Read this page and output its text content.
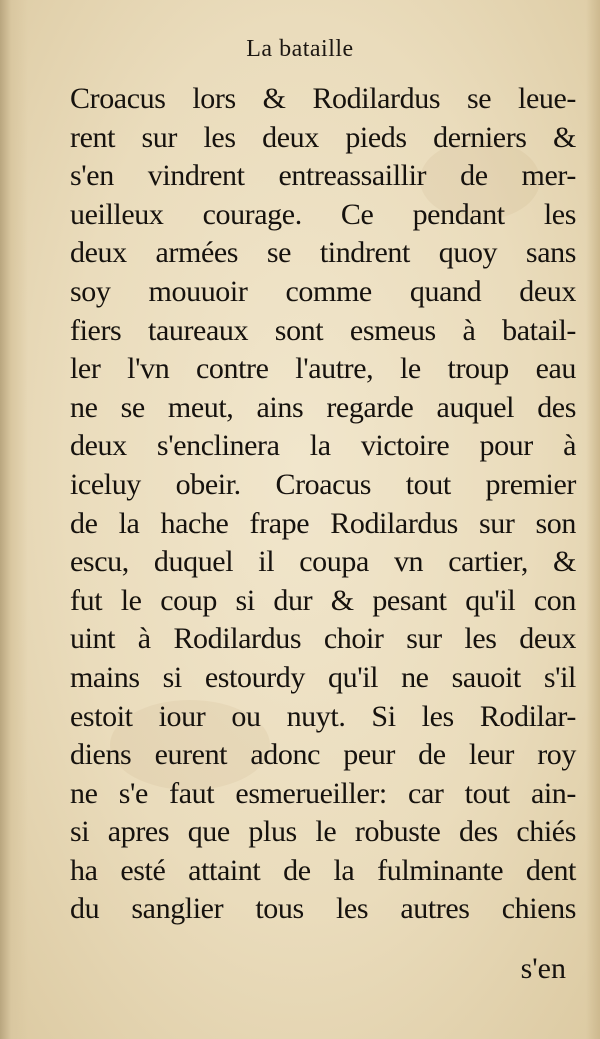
La bataille
Croacus lors & Rodilardus se leue-
rent sur les deux pieds derniers &
s'en vindrent entreassaillir de mer-
ueilleux courage. Ce pendant les
deux armées se tindrent quoy sans
soy mouuoir comme quand deux
fiers taureaux sont esmeus à batail-
ler l'vn contre l'autre, le troup eau
ne se meut, ains regarde auquel des
deux s'enclinera la victoire pour à
iceluy obeir. Croacus tout premier
de la hache frape Rodilardus sur son
escu, duquel il coupa vn cartier, &
fut le coup si dur & pesant qu'il con
uint à Rodilardus choir sur les deux
mains si estourdy qu'il ne sauoit s'il
estoit iour ou nuyt. Si les Rodilar-
diens eurent adonc peur de leur roy
ne s'e faut esmerueiller: car tout ain-
si apres que plus le robuste des chiés
ha esté attaint de la fulminante dent
du sanglier tous les autres chiens
s'en
